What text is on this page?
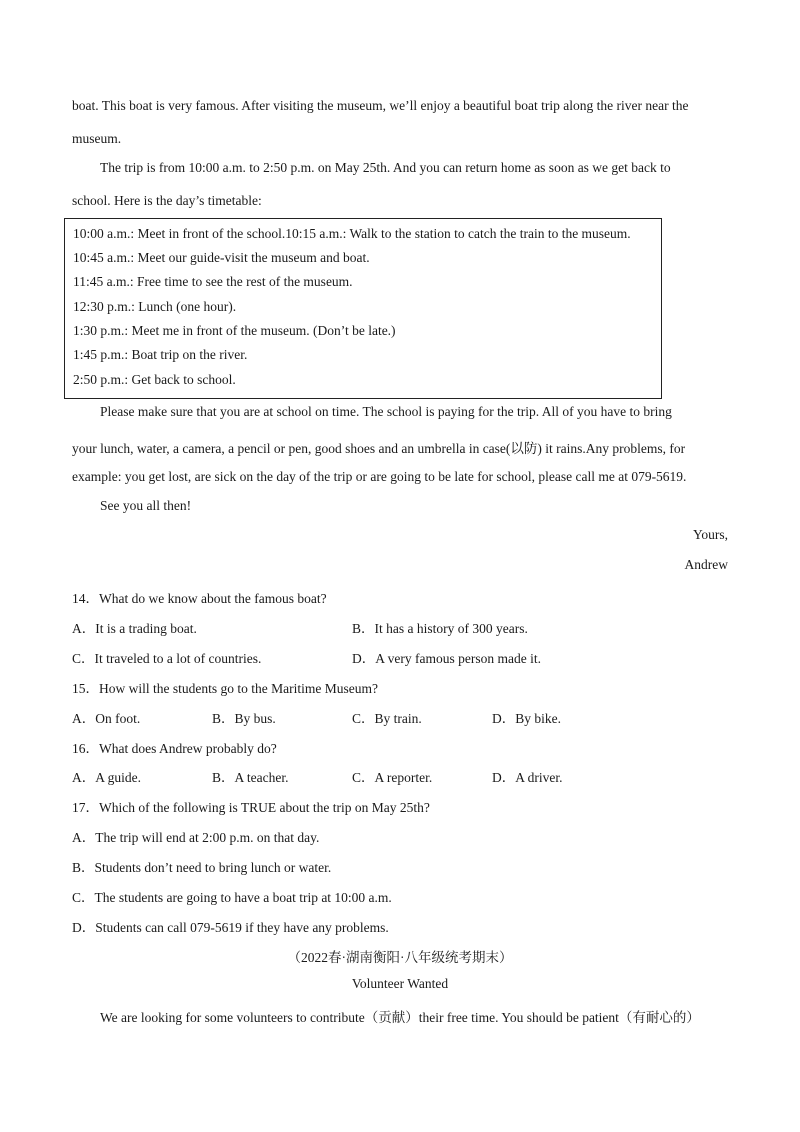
boat. This boat is very famous. After visiting the museum, we’ll enjoy a beautiful boat trip along the river near the
museum.
The trip is from 10:00 a.m. to 2:50 p.m. on May 25th. And you can return home as soon as we get back to
school. Here is the day’s timetable:
10:00 a.m.: Meet in front of the school.10:15 a.m.: Walk to the station to catch the train to the museum.
10:45 a.m.: Meet our guide-visit the museum and boat.
11:45 a.m.: Free time to see the rest of the museum.
12:30 p.m.: Lunch (one hour).
1:30 p.m.: Meet me in front of the museum. (Don’t be late.)
1:45 p.m.: Boat trip on the river.
2:50 p.m.: Get back to school.
Please make sure that you are at school on time. The school is paying for the trip. All of you have to bring
your lunch, water, a camera, a pencil or pen, good shoes and an umbrella in case(以防) it rains.Any problems, for
example: you get lost, are sick on the day of the trip or are going to be late for school, please call me at 079-5619.
See you all then!
Yours,
Andrew
14．What do we know about the famous boat?
A．It is a trading boat.	B．It has a history of 300 years.
C．It traveled to a lot of countries.	D．A very famous person made it.
15．How will the students go to the Maritime Museum?
A．On foot.	B．By bus.	C．By train.	D．By bike.
16．What does Andrew probably do?
A．A guide.	B．A teacher.	C．A reporter.	D．A driver.
17．Which of the following is TRUE about the trip on May 25th?
A．The trip will end at 2:00 p.m. on that day.
B．Students don’t need to bring lunch or water.
C．The students are going to have a boat trip at 10:00 a.m.
D．Students can call 079-5619 if they have any problems.
（2022春·湖南衡阳·八年级统考期末）
Volunteer Wanted
We are looking for some volunteers to contribute（贡献）their free time. You should be patient（有耐心的）
